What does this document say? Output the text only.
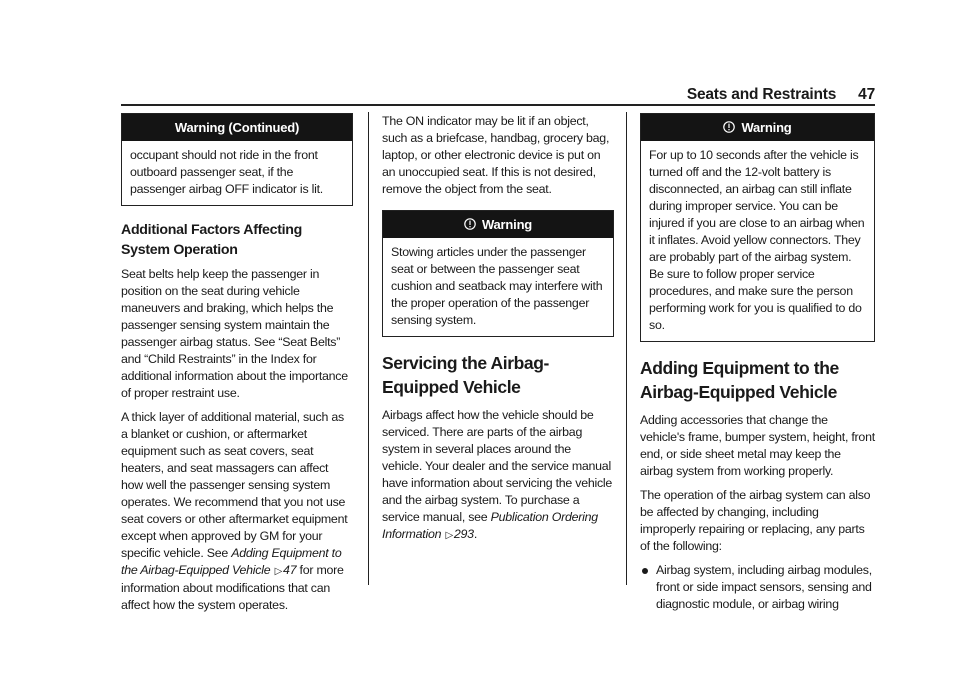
Seats and Restraints 47
Warning (Continued)

occupant should not ride in the front outboard passenger seat, if the passenger airbag OFF indicator is lit.

Additional Factors Affecting System Operation

Seat belts help keep the passenger in position on the seat during vehicle maneuvers and braking, which helps the passenger sensing system maintain the passenger airbag status. See “Seat Belts” and “Child Restraints” in the Index for additional information about the importance of proper restraint use.

A thick layer of additional material, such as a blanket or cushion, or aftermarket equipment such as seat covers, seat heaters, and seat massagers can affect how well the passenger sensing system operates. We recommend that you not use seat covers or other aftermarket equipment except when approved by GM for your specific vehicle. See Adding Equipment to the Airbag-Equipped Vehicle ▷47 for more information about modifications that can affect how the system operates.

The ON indicator may be lit if an object, such as a briefcase, handbag, grocery bag, laptop, or other electronic device is put on an unoccupied seat. If this is not desired, remove the object from the seat.

Warning

Stowing articles under the passenger seat or between the passenger seat cushion and seatback may interfere with the proper operation of the passenger sensing system.

Servicing the Airbag-Equipped Vehicle

Airbags affect how the vehicle should be serviced. There are parts of the airbag system in several places around the vehicle. Your dealer and the service manual have information about servicing the vehicle and the airbag system. To purchase a service manual, see Publication Ordering Information ▷293.

Warning

For up to 10 seconds after the vehicle is turned off and the 12-volt battery is disconnected, an airbag can still inflate during improper service. You can be injured if you are close to an airbag when it inflates. Avoid yellow connectors. They are probably part of the airbag system. Be sure to follow proper service procedures, and make sure the person performing work for you is qualified to do so.

Adding Equipment to the Airbag-Equipped Vehicle

Adding accessories that change the vehicle's frame, bumper system, height, front end, or side sheet metal may keep the airbag system from working properly.

The operation of the airbag system can also be affected by changing, including improperly repairing or replacing, any parts of the following:

Airbag system, including airbag modules, front or side impact sensors, sensing and diagnostic module, or airbag wiring
